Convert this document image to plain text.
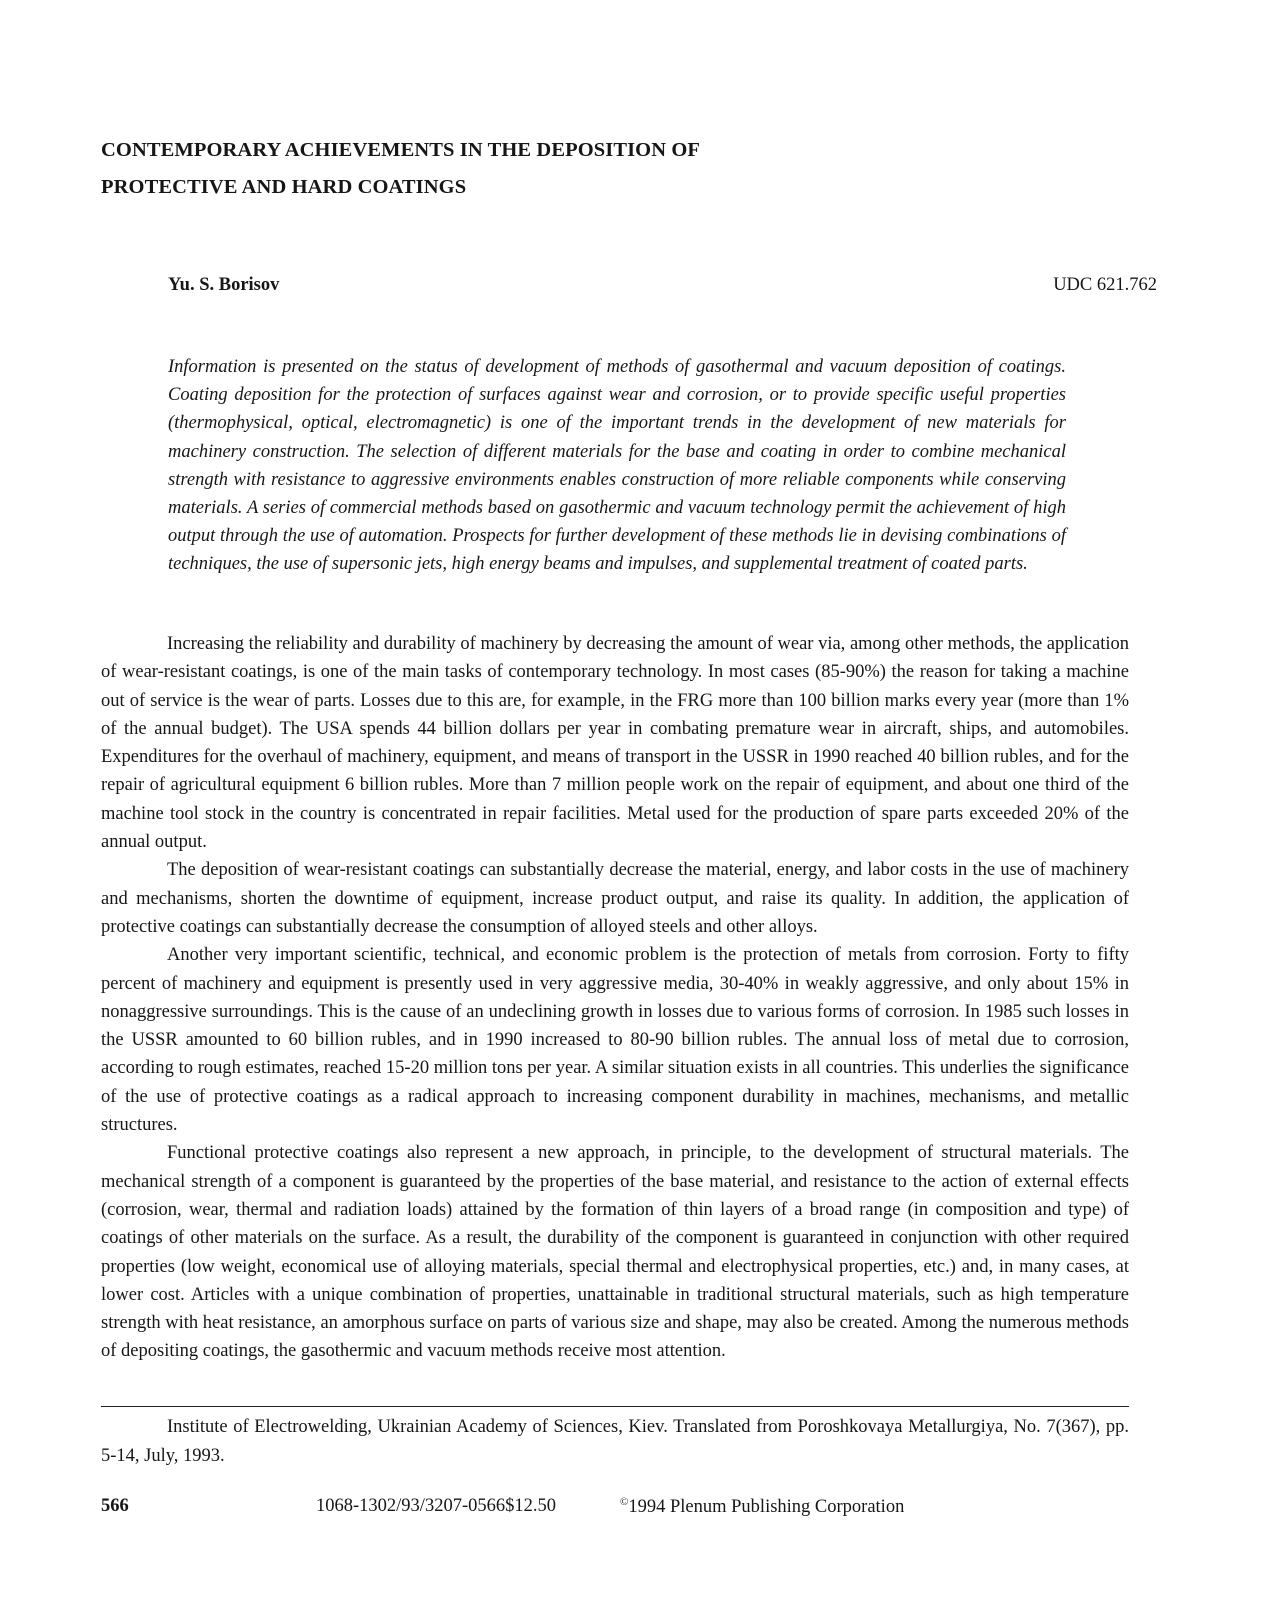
CONTEMPORARY ACHIEVEMENTS IN THE DEPOSITION OF
PROTECTIVE AND HARD COATINGS
Yu. S. Borisov	UDC 621.762
Information is presented on the status of development of methods of gasothermal and vacuum deposition of coatings. Coating deposition for the protection of surfaces against wear and corrosion, or to provide specific useful properties (thermophysical, optical, electromagnetic) is one of the important trends in the development of new materials for machinery construction. The selection of different materials for the base and coating in order to combine mechanical strength with resistance to aggressive environments enables construction of more reliable components while conserving materials. A series of commercial methods based on gasothermic and vacuum technology permit the achievement of high output through the use of automation. Prospects for further development of these methods lie in devising combinations of techniques, the use of supersonic jets, high energy beams and impulses, and supplemental treatment of coated parts.

Increasing the reliability and durability of machinery by decreasing the amount of wear via, among other methods, the application of wear-resistant coatings, is one of the main tasks of contemporary technology. In most cases (85-90%) the reason for taking a machine out of service is the wear of parts. Losses due to this are, for example, in the FRG more than 100 billion marks every year (more than 1% of the annual budget). The USA spends 44 billion dollars per year in combating premature wear in aircraft, ships, and automobiles. Expenditures for the overhaul of machinery, equipment, and means of transport in the USSR in 1990 reached 40 billion rubles, and for the repair of agricultural equipment 6 billion rubles. More than 7 million people work on the repair of equipment, and about one third of the machine tool stock in the country is concentrated in repair facilities. Metal used for the production of spare parts exceeded 20% of the annual output.

The deposition of wear-resistant coatings can substantially decrease the material, energy, and labor costs in the use of machinery and mechanisms, shorten the downtime of equipment, increase product output, and raise its quality. In addition, the application of protective coatings can substantially decrease the consumption of alloyed steels and other alloys.

Another very important scientific, technical, and economic problem is the protection of metals from corrosion. Forty to fifty percent of machinery and equipment is presently used in very aggressive media, 30-40% in weakly aggressive, and only about 15% in nonaggressive surroundings. This is the cause of an undeclining growth in losses due to various forms of corrosion. In 1985 such losses in the USSR amounted to 60 billion rubles, and in 1990 increased to 80-90 billion rubles. The annual loss of metal due to corrosion, according to rough estimates, reached 15-20 million tons per year. A similar situation exists in all countries. This underlies the significance of the use of protective coatings as a radical approach to increasing component durability in machines, mechanisms, and metallic structures.

Functional protective coatings also represent a new approach, in principle, to the development of structural materials. The mechanical strength of a component is guaranteed by the properties of the base material, and resistance to the action of external effects (corrosion, wear, thermal and radiation loads) attained by the formation of thin layers of a broad range (in composition and type) of coatings of other materials on the surface. As a result, the durability of the component is guaranteed in conjunction with other required properties (low weight, economical use of alloying materials, special thermal and electrophysical properties, etc.) and, in many cases, at lower cost. Articles with a unique combination of properties, unattainable in traditional structural materials, such as high temperature strength with heat resistance, an amorphous surface on parts of various size and shape, may also be created. Among the numerous methods of depositing coatings, the gasothermic and vacuum methods receive most attention.

Institute of Electrowelding, Ukrainian Academy of Sciences, Kiev. Translated from Poroshkovaya Metallurgiya, No. 7(367), pp. 5-14, July, 1993.

566	1068-1302/93/3207-0566$12.50	©1994 Plenum Publishing Corporation
